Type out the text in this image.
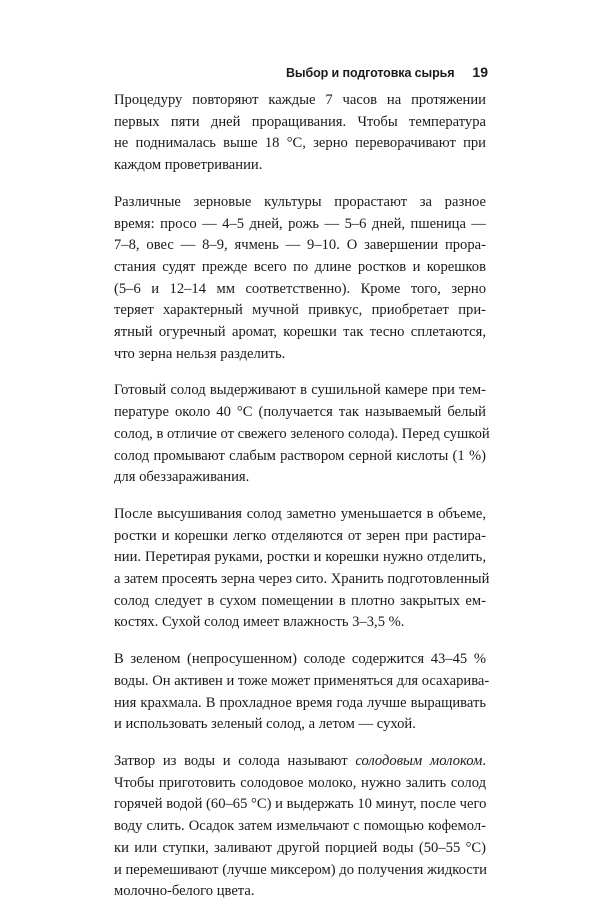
Выбор и подготовка сырья 19

Процедуру повторяют каждые 7 часов на протяжении
первых пяти дней проращивания. Чтобы температура
не поднималась выше 18 °C, зерно переворачивают при
каждом проветривании.

Различные зерновые культуры прорастают за разное
время: просо — 4–5 дней, рожь — 5–6 дней, пшеница —
7–8, овес — 8–9, ячмень — 9–10. О завершении прора-
стания судят прежде всего по длине ростков и корешков
(5–6 и 12–14 мм соответственно). Кроме того, зерно
теряет характерный мучной привкус, приобретает при-
ятный огуречный аромат, корешки так тесно сплетаются,
что зерна нельзя разделить.

Готовый солод выдерживают в сушильной камере при тем-
пературе около 40 °C (получается так называемый белый
солод, в отличие от свежего зеленого солода). Перед сушкой
солод промывают слабым раствором серной кислоты (1 %)
для обеззараживания.

После высушивания солод заметно уменьшается в объеме,
ростки и корешки легко отделяются от зерен при растира-
нии. Перетирая руками, ростки и корешки нужно отделить,
а затем просеять зерна через сито. Хранить подготовленный
солод следует в сухом помещении в плотно закрытых ем-
костях. Сухой солод имеет влажность 3–3,5 %.

В зеленом (непросушенном) солоде содержится 43–45 %
воды. Он активен и тоже может применяться для осахарива-
ния крахмала. В прохладное время года лучше выращивать
и использовать зеленый солод, а летом — сухой.

Затвор из воды и солода называют солодовым молоком.
Чтобы приготовить солодовое молоко, нужно залить солод
горячей водой (60–65 °C) и выдержать 10 минут, после чего
воду слить. Осадок затем измельчают с помощью кофемол-
ки или ступки, заливают другой порцией воды (50–55 °C)
и перемешивают (лучше миксером) до получения жидкости
молочно-белого цвета.
